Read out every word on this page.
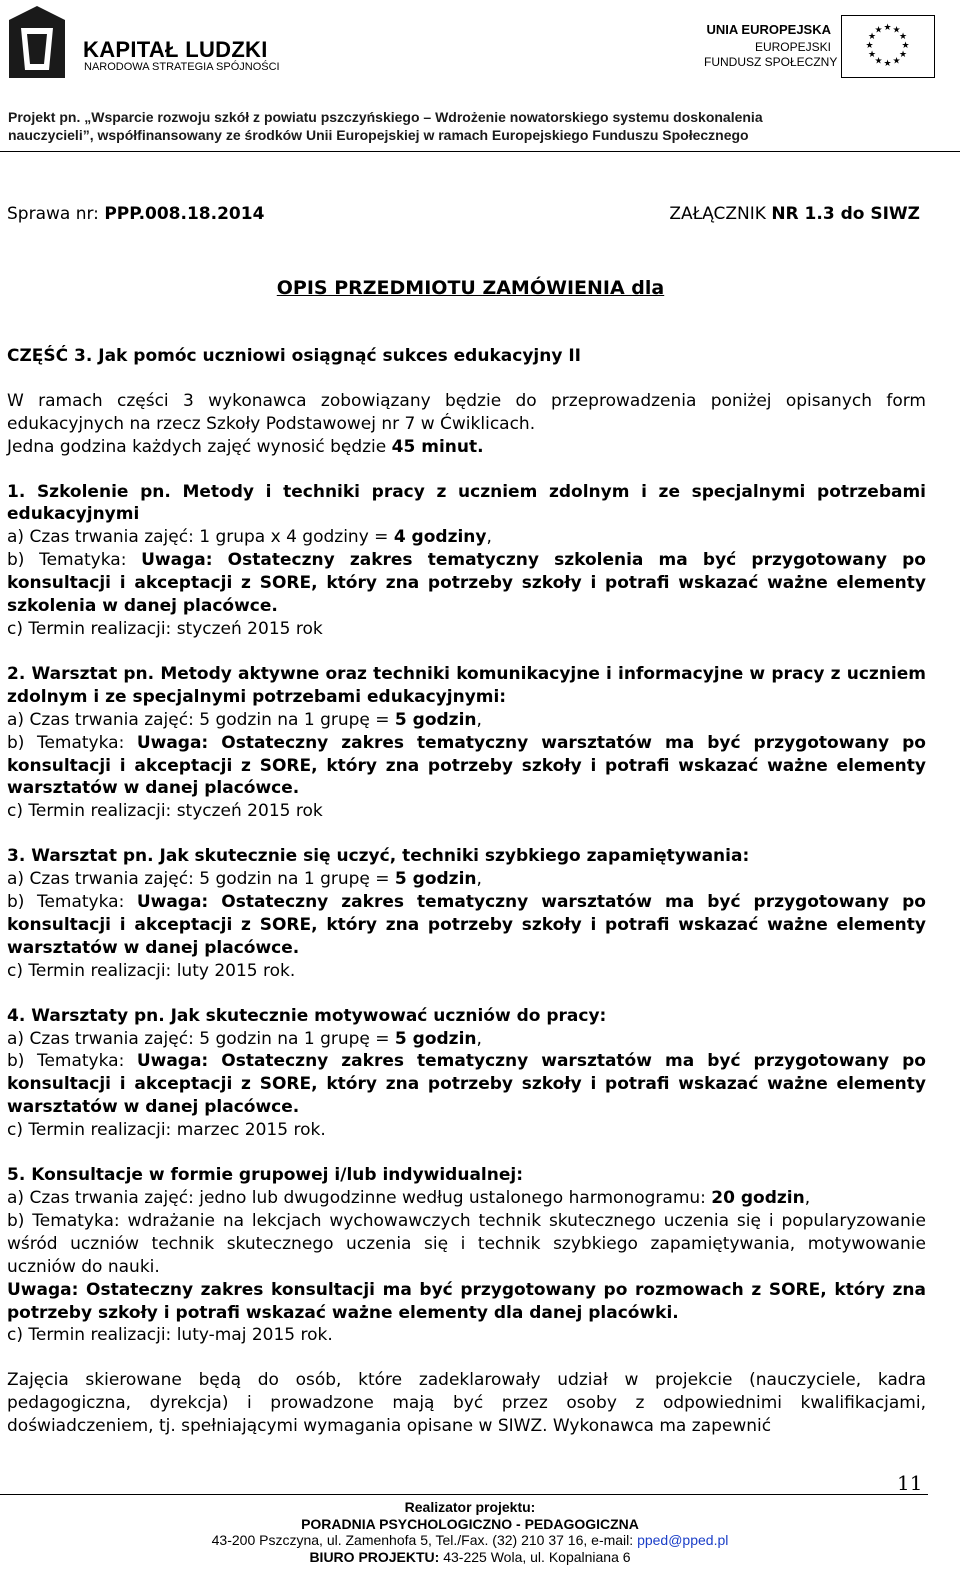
KAPITAŁ LUDZKI
NARODOWA STRATEGIA SPÓJNOŚCI
UNIA EUROPEJSKA
EUROPEJSKI
FUNDUSZ SPOŁECZNY
★ ★
★
★
★
★
★
★
★
★
★
★
Projekt pn. „Wsparcie rozwoju szkół z powiatu pszczyńskiego – Wdrożenie nowatorskiego systemu doskonalenia
nauczycieli”, współfinansowany ze środków Unii Europejskiej w ramach Europejskiego Funduszu Społecznego
Sprawa nr: PPP.008.18.2014	ZAŁĄCZNIK NR 1.3 do SIWZ
OPIS PRZEDMIOTU ZAMÓWIENIA dla

CZĘŚĆ 3. Jak pomóc uczniowi osiągnąć sukces edukacyjny II

W ramach części 3 wykonawca zobowiązany będzie do przeprowadzenia poniżej opisanych form edukacyjnych na rzecz Szkoły Podstawowej nr 7 w Ćwiklicach.

Jedna godzina każdych zajęć wynosić będzie 45 minut.

1. Szkolenie pn. Metody i techniki pracy z uczniem zdolnym i ze specjalnymi potrzebami edukacyjnymi

a) Czas trwania zajęć: 1 grupa x 4 godziny = 4 godziny,

b) Tematyka: Uwaga: Ostateczny zakres tematyczny szkolenia ma być przygotowany po konsultacji i akceptacji z SORE, który zna potrzeby szkoły i potrafi wskazać ważne elementy szkolenia w danej placówce.

c) Termin realizacji: styczeń 2015 rok

2. Warsztat pn. Metody aktywne oraz techniki komunikacyjne i informacyjne w pracy z uczniem zdolnym i ze specjalnymi potrzebami edukacyjnymi:

a) Czas trwania zajęć: 5 godzin na 1 grupę = 5 godzin,

b) Tematyka: Uwaga: Ostateczny zakres tematyczny warsztatów ma być przygotowany po konsultacji i akceptacji z SORE, który zna potrzeby szkoły i potrafi wskazać ważne elementy warsztatów w danej placówce.

c) Termin realizacji: styczeń 2015 rok

3. Warsztat pn. Jak skutecznie się uczyć, techniki szybkiego zapamiętywania:

a) Czas trwania zajęć: 5 godzin na 1 grupę = 5 godzin,

b) Tematyka: Uwaga: Ostateczny zakres tematyczny warsztatów ma być przygotowany po konsultacji i akceptacji z SORE, który zna potrzeby szkoły i potrafi wskazać ważne elementy warsztatów w danej placówce.

c) Termin realizacji: luty 2015 rok.

4. Warsztaty pn. Jak skutecznie motywować uczniów do pracy:

a) Czas trwania zajęć: 5 godzin na 1 grupę = 5 godzin,

b) Tematyka: Uwaga: Ostateczny zakres tematyczny warsztatów ma być przygotowany po konsultacji i akceptacji z SORE, który zna potrzeby szkoły i potrafi wskazać ważne elementy warsztatów w danej placówce.

c) Termin realizacji: marzec 2015 rok.

5. Konsultacje w formie grupowej i/lub indywidualnej:

a) Czas trwania zajęć: jedno lub dwugodzinne według ustalonego harmonogramu: 20 godzin,

b) Tematyka: wdrażanie na lekcjach wychowawczych technik skutecznego uczenia się i popularyzowanie wśród uczniów technik skutecznego uczenia się i technik szybkiego zapamiętywania, motywowanie uczniów do nauki.

Uwaga: Ostateczny zakres konsultacji ma być przygotowany po rozmowach z SORE, który zna potrzeby szkoły i potrafi wskazać ważne elementy dla danej placówki.

c) Termin realizacji: luty-maj 2015 rok.

Zajęcia skierowane będą do osób, które zadeklarowały udział w projekcie (nauczyciele, kadra pedagogiczna, dyrekcja) i prowadzone mają być przez osoby z odpowiednimi kwalifikacjami, doświadczeniem, tj. spełniającymi wymagania opisane w SIWZ. Wykonawca ma zapewnić

11
Realizator projektu:
PORADNIA PSYCHOLOGICZNO - PEDAGOGICZNA
43-200 Pszczyna, ul. Zamenhofa 5, Tel./Fax. (32) 210 37 16, e-mail: pped@pped.pl
BIURO PROJEKTU: 43-225 Wola, ul. Kopalniana 6
